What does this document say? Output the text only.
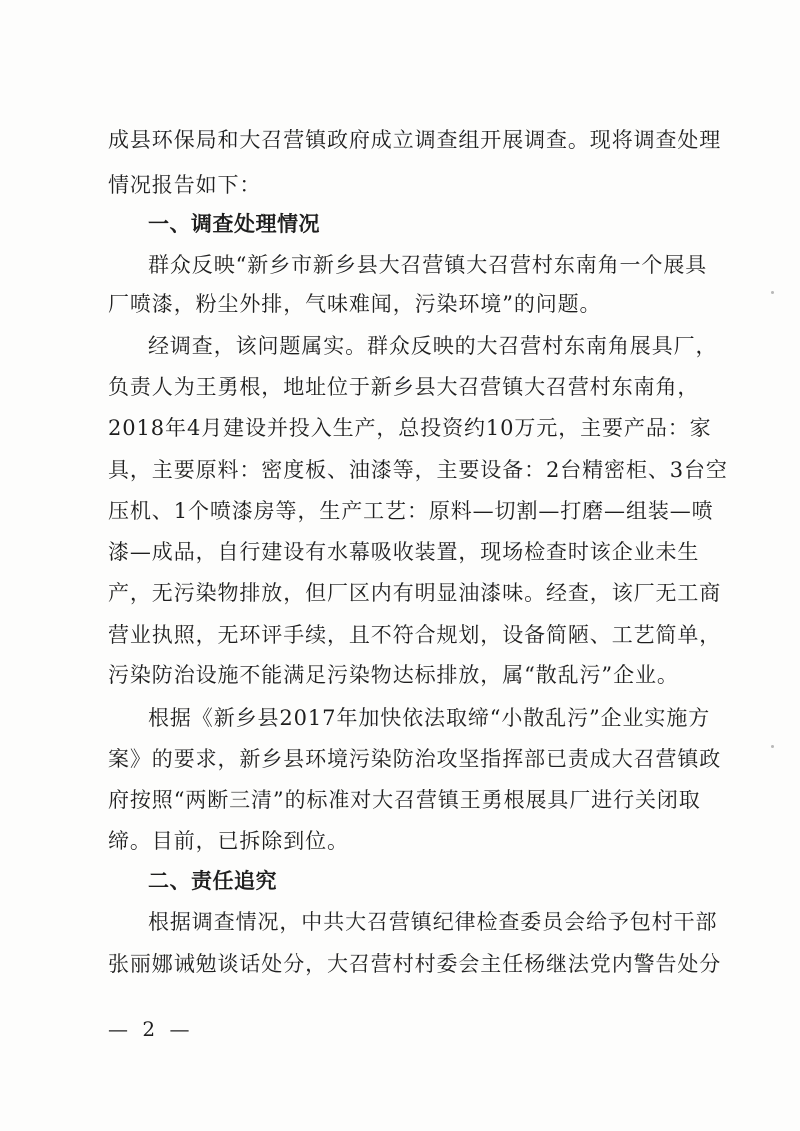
成县环保局和大召营镇政府成立调查组开展调查。现将调查处理
情况报告如下：
一、调查处理情况
群众反映“新乡市新乡县大召营镇大召营村东南角一个展具
厂喷漆，粉尘外排，气味难闻，污染环境”的问题。
经调查，该问题属实。群众反映的大召营村东南角展具厂，
负责人为王勇根，地址位于新乡县大召营镇大召营村东南角，
2018年4月建设并投入生产，总投资约10万元，主要产品：家
具，主要原料：密度板、油漆等，主要设备：2台精密柜、3台空
压机、1个喷漆房等，生产工艺：原料—切割—打磨—组装—喷
漆—成品，自行建设有水幕吸收装置，现场检查时该企业未生
产，无污染物排放，但厂区内有明显油漆味。经查，该厂无工商
营业执照，无环评手续，且不符合规划，设备简陋、工艺简单，
污染防治设施不能满足污染物达标排放，属“散乱污”企业。
根据《新乡县2017年加快依法取缔“小散乱污”企业实施方
案》的要求，新乡县环境污染防治攻坚指挥部已责成大召营镇政
府按照“两断三清”的标准对大召营镇王勇根展具厂进行关闭取
缔。目前，已拆除到位。
二、责任追究
根据调查情况，中共大召营镇纪律检查委员会给予包村干部
张丽娜诫勉谈话处分，大召营村村委会主任杨继法党内警告处分
— 2 —
